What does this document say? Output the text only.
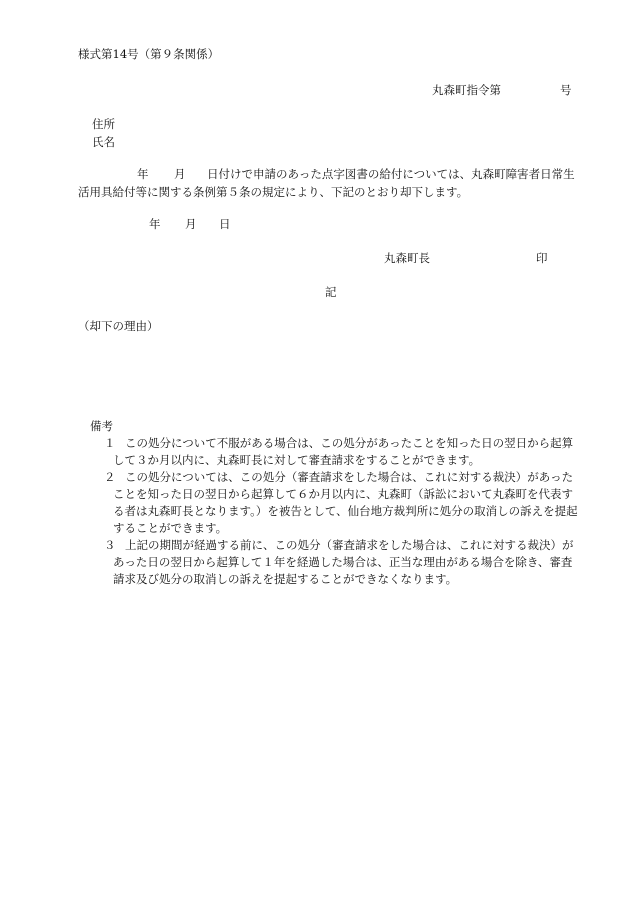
様式第14号（第９条関係）
丸森町指令第	号
住所
氏名
年 月 日付けで申請のあった点字図書の給付については、丸森町障害者日常生
活用具給付等に関する条例第５条の規定により、下記のとおり却下します。
年 月 日
丸森町長	印
記
（却下の理由）
備考
１ この処分について不服がある場合は、この処分があったことを知った日の翌日から起算
して３か月以内に、丸森町長に対して審査請求をすることができます。
２ この処分については、この処分（審査請求をした場合は、これに対する裁決）があった
ことを知った日の翌日から起算して６か月以内に、丸森町（訴訟において丸森町を代表す
る者は丸森町長となります。）を被告として、仙台地方裁判所に処分の取消しの訴えを提起
することができます。
３ 上記の期間が経過する前に、この処分（審査請求をした場合は、これに対する裁決）が
あった日の翌日から起算して１年を経過した場合は、正当な理由がある場合を除き、審査
請求及び処分の取消しの訴えを提起することができなくなります。
